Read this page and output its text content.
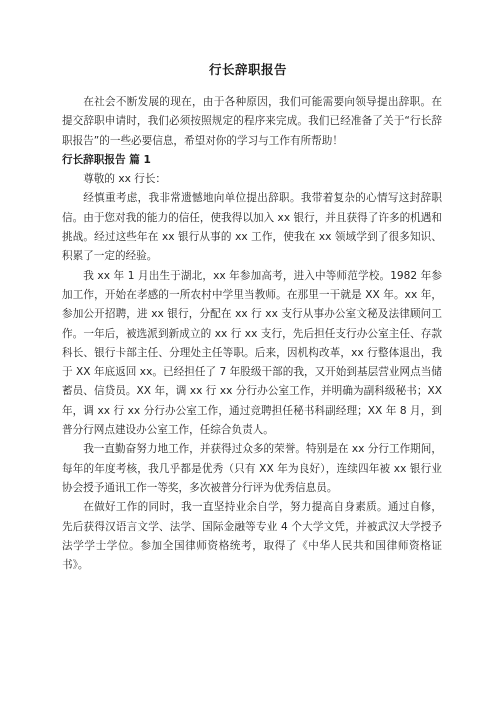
行长辞职报告

在社会不断发展的现在，由于各种原因，我们可能需要向领导提出辞职。在提交辞职申请时，我们必须按照规定的程序来完成。我们已经准备了关于“行长辞职报告”的一些必要信息，希望对你的学习与工作有所帮助！

行长辞职报告 篇 1

尊敬的 xx 行长：

经慎重考虑，我非常遗憾地向单位提出辞职。我带着复杂的心情写这封辞职信。由于您对我的能力的信任，使我得以加入 xx 银行，并且获得了许多的机遇和挑战。经过这些年在 xx 银行从事的 xx 工作，使我在 xx 领域学到了很多知识、积累了一定的经验。

我 xx 年 1 月出生于湖北，xx 年参加高考，进入中等师范学校。1982 年参加工作，开始在孝感的一所农村中学里当教师。在那里一干就是 XX 年。xx 年，参加公开招聘，进 xx 银行，分配在 xx 行 xx 支行从事办公室文秘及法律顾问工作。一年后，被选派到新成立的 xx 行 xx 支行，先后担任支行办公室主任、存款科长、银行卡部主任、分理处主任等职。后来，因机构改革，xx 行整体退出，我于 XX 年底返回 xx。已经担任了 7 年股级干部的我，又开始到基层营业网点当储蓄员、信贷员。XX 年，调 xx 行 xx 分行办公室工作，并明确为副科级秘书；XX 年，调 xx 行 xx 分行办公室工作，通过竞聘担任秘书科副经理；XX 年 8 月，到普分行网点建设办公室工作，任综合负责人。

我一直勤奋努力地工作，并获得过众多的荣誉。特别是在 xx 分行工作期间，每年的年度考核，我几乎都是优秀（只有 XX 年为良好），连续四年被 xx 银行业协会授予通讯工作一等奖，多次被普分行评为优秀信息员。

在做好工作的同时，我一直坚持业余自学，努力提高自身素质。通过自修，先后获得汉语言文学、法学、国际金融等专业 4 个大学文凭，并被武汉大学授予法学学士学位。参加全国律师资格统考，取得了《中华人民共和国律师资格证书》。
